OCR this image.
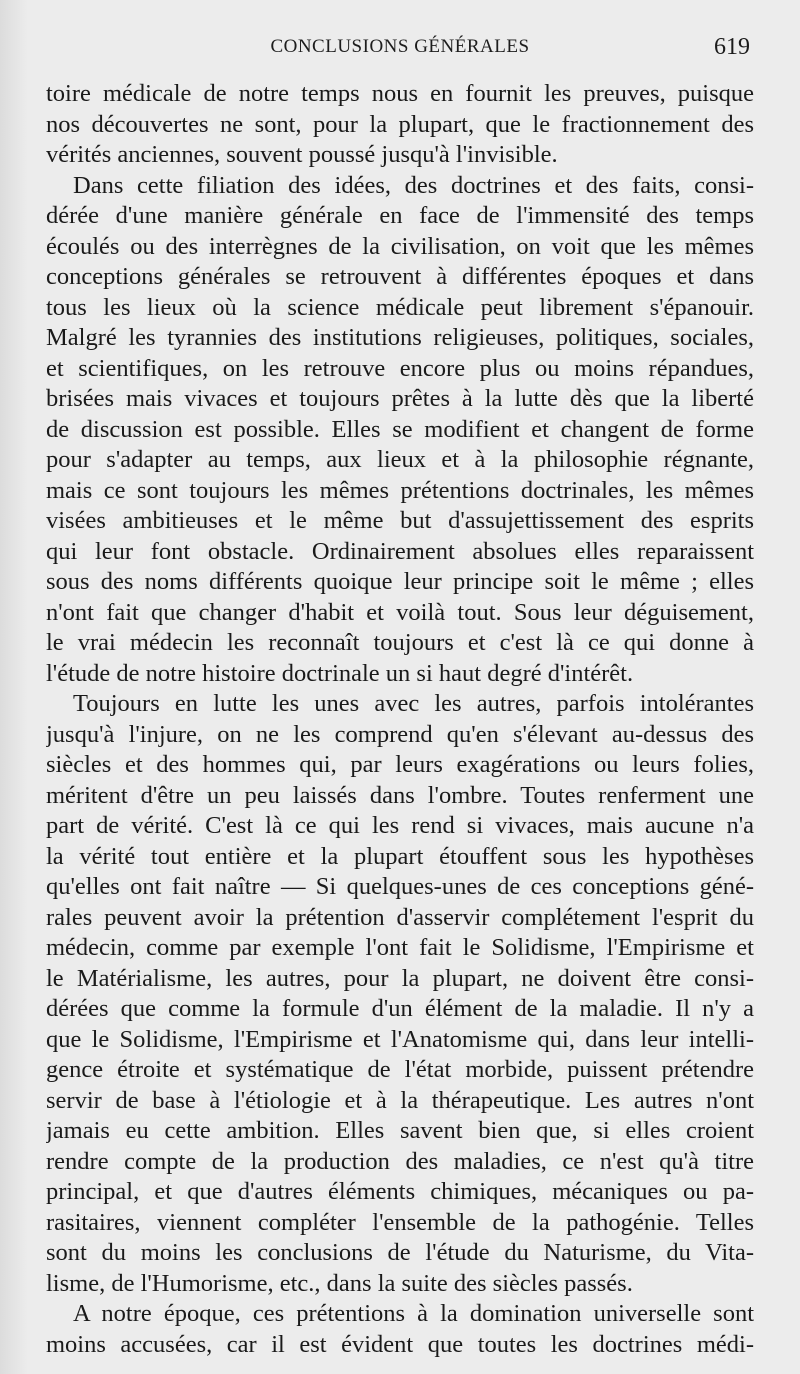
CONCLUSIONS GÉNÉRALES	619
toire médicale de notre temps nous en fournit les preuves, puisque
nos découvertes ne sont, pour la plupart, que le fractionnement des
vérités anciennes, souvent poussé jusqu'à l'invisible.
Dans cette filiation des idées, des doctrines et des faits, consi-
dérée d'une manière générale en face de l'immensité des temps
écoulés ou des interrègnes de la civilisation, on voit que les mêmes
conceptions générales se retrouvent à différentes époques et dans
tous les lieux où la science médicale peut librement s'épanouir.
Malgré les tyrannies des institutions religieuses, politiques, sociales,
et scientifiques, on les retrouve encore plus ou moins répandues,
brisées mais vivaces et toujours prêtes à la lutte dès que la liberté
de discussion est possible. Elles se modifient et changent de forme
pour s'adapter au temps, aux lieux et à la philosophie régnante,
mais ce sont toujours les mêmes prétentions doctrinales, les mêmes
visées ambitieuses et le même but d'assujettissement des esprits
qui leur font obstacle. Ordinairement absolues elles reparaissent
sous des noms différents quoique leur principe soit le même ; elles
n'ont fait que changer d'habit et voilà tout. Sous leur déguisement,
le vrai médecin les reconnaît toujours et c'est là ce qui donne à
l'étude de notre histoire doctrinale un si haut degré d'intérêt.
Toujours en lutte les unes avec les autres, parfois intolérantes
jusqu'à l'injure, on ne les comprend qu'en s'élevant au-dessus des
siècles et des hommes qui, par leurs exagérations ou leurs folies,
méritent d'être un peu laissés dans l'ombre. Toutes renferment une
part de vérité. C'est là ce qui les rend si vivaces, mais aucune n'a
la vérité tout entière et la plupart étouffent sous les hypothèses
qu'elles ont fait naître — Si quelques-unes de ces conceptions géné-
rales peuvent avoir la prétention d'asservir complétement l'esprit du
médecin, comme par exemple l'ont fait le Solidisme, l'Empirisme et
le Matérialisme, les autres, pour la plupart, ne doivent être consi-
dérées que comme la formule d'un élément de la maladie. Il n'y a
que le Solidisme, l'Empirisme et l'Anatomisme qui, dans leur intelli-
gence étroite et systématique de l'état morbide, puissent prétendre
servir de base à l'étiologie et à la thérapeutique. Les autres n'ont
jamais eu cette ambition. Elles savent bien que, si elles croient
rendre compte de la production des maladies, ce n'est qu'à titre
principal, et que d'autres éléments chimiques, mécaniques ou pa-
rasitaires, viennent compléter l'ensemble de la pathogénie. Telles
sont du moins les conclusions de l'étude du Naturisme, du Vita-
lisme, de l'Humorisme, etc., dans la suite des siècles passés.
A notre époque, ces prétentions à la domination universelle sont
moins accusées, car il est évident que toutes les doctrines médi-
